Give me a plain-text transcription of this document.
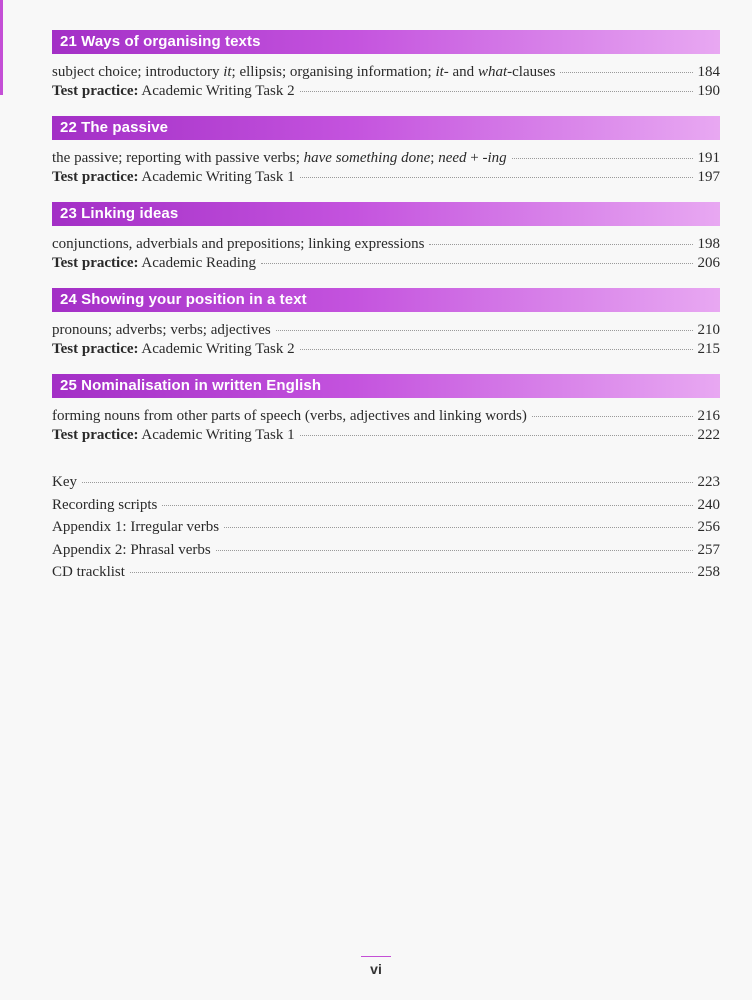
21 Ways of organising texts
subject choice; introductory it; ellipsis; organising information; it- and what-clauses	184
Test practice: Academic Writing Task 2	190
22 The passive
the passive; reporting with passive verbs; have something done; need + -ing	191
Test practice: Academic Writing Task 1	197
23 Linking ideas
conjunctions, adverbials and prepositions; linking expressions	198
Test practice: Academic Reading	206
24 Showing your position in a text
pronouns; adverbs; verbs; adjectives	210
Test practice: Academic Writing Task 2	215
25 Nominalisation in written English
forming nouns from other parts of speech (verbs, adjectives and linking words)	216
Test practice: Academic Writing Task 1	222
Key	223
Recording scripts	240
Appendix 1: Irregular verbs	256
Appendix 2: Phrasal verbs	257
CD tracklist	258
vi
